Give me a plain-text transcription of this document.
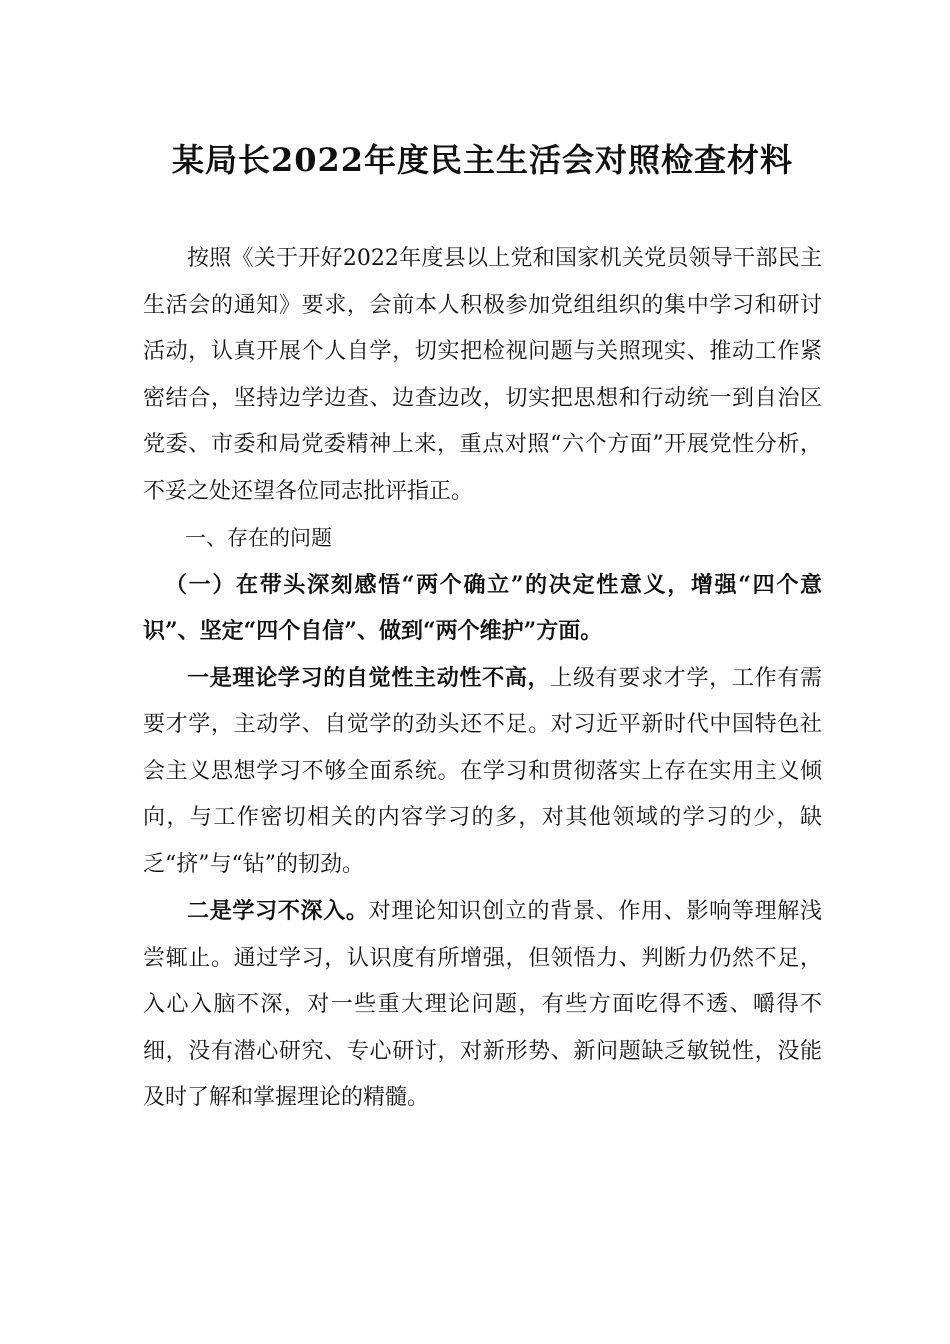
某局长2022年度民主生活会对照检查材料

按照《关于开好2022年度县以上党和国家机关党员领导干部民主生活会的通知》要求，会前本人积极参加党组组织的集中学习和研讨活动，认真开展个人自学，切实把检视问题与关照现实、推动工作紧密结合，坚持边学边查、边查边改，切实把思想和行动统一到自治区党委、市委和局党委精神上来，重点对照“六个方面”开展党性分析，不妥之处还望各位同志批评指正。

一、存在的问题

（一）在带头深刻感悟“两个确立”的决定性意义，增强“四个意识”、坚定“四个自信”、做到“两个维护”方面。

一是理论学习的自觉性主动性不高，上级有要求才学，工作有需要才学，主动学、自觉学的劲头还不足。对习近平新时代中国特色社会主义思想学习不够全面系统。在学习和贯彻落实上存在实用主义倾向，与工作密切相关的内容学习的多，对其他领域的学习的少，缺乏“挤”与“钻”的韧劲。

二是学习不深入。对理论知识创立的背景、作用、影响等理解浅尝辄止。通过学习，认识度有所增强，但领悟力、判断力仍然不足，入心入脑不深，对一些重大理论问题，有些方面吃得不透、嚼得不细，没有潜心研究、专心研讨，对新形势、新问题缺乏敏锐性，没能及时了解和掌握理论的精髓。
